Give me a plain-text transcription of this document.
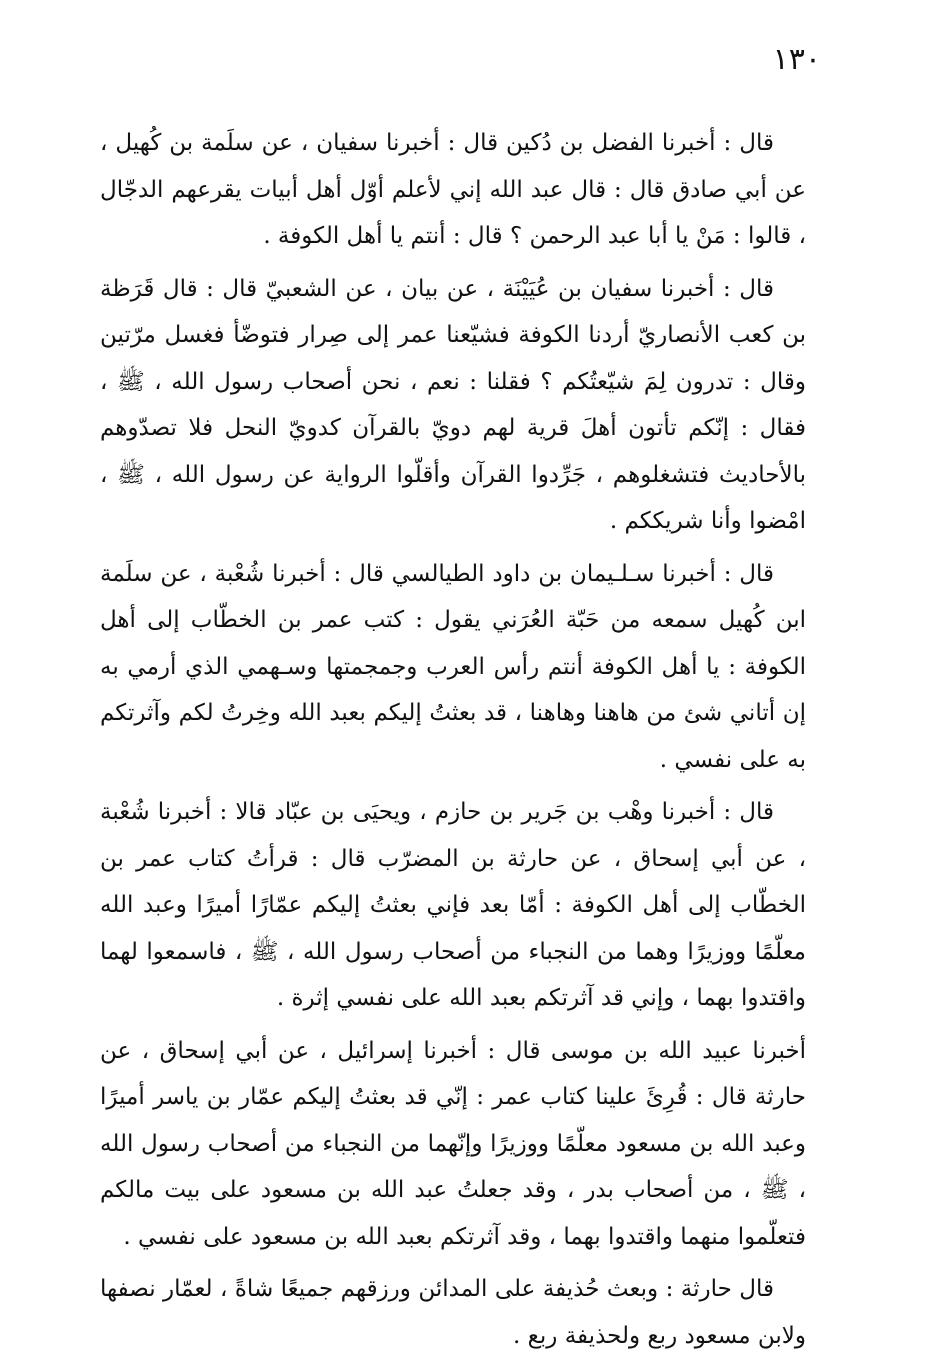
١٣٠

قال : أخبرنا الفضل بن دُكين قال : أخبرنا سفيان ، عن سلَمة بن كُهيل ، عن أبي صادق قال : قال عبد الله إني لأعلم أوّل أهل أبيات يقرعهم الدجّال ، قالوا : مَنْ يا أبا عبد الرحمن ؟ قال : أنتم يا أهل الكوفة .

قال : أخبرنا سفيان بن عُيَيْنَة ، عن بيان ، عن الشعبيّ قال : قال قَرَظة بن كعب الأنصاريّ أردنا الكوفة فشيّعنا عمر إلى صِرار فتوضّأ فغسل مرّتين وقال : تدرون لِمَ شيّعتُكم ؟ فقلنا : نعم ، نحن أصحاب رسول الله ، ﷺ ، فقال : إنّكم تأتون أهلَ قرية لهم دويّ بالقرآن كدويّ النحل فلا تصدّوهم بالأحاديث فتشغلوهم ، جَرِّدوا القرآن وأقلّوا الرواية عن رسول الله ، ﷺ ، امْضوا وأنا شريككم .

قال : أخبرنا سـلـيمان بن داود الطيالسي قال : أخبرنا شُعْبة ، عن سلَمة ابن كُهيل سمعه من حَبّة العُرَني يقول : كتب عمر بن الخطّاب إلى أهل الكوفة : يا أهل الكوفة أنتم رأس العرب وجمجمتها وسـهمي الذي أرمي به إن أتاني شئ من هاهنا وهاهنا ، قد بعثتُ إليكم بعبد الله وخِرتُ لكم وآثرتكم به على نفسي .

قال : أخبرنا وهْب بن جَرير بن حازم ، ويحيَى بن عبّاد قالا : أخبرنا شُعْبة ، عن أبي إسحاق ، عن حارثة بن المضرّب قال : قرأتُ كتاب عمر بن الخطّاب إلى أهل الكوفة : أمّا بعد فإني بعثتُ إليكم عمّارًا أميرًا وعبد الله معلّمًا ووزيرًا وهما من النجباء من أصحاب رسول الله ، ﷺ ، فاسمعوا لهما واقتدوا بهما ، وإني قد آثرتكم بعبد الله على نفسي إثرة .

أخبرنا عبيد الله بن موسى قال : أخبرنا إسرائيل ، عن أبي إسحاق ، عن حارثة قال : قُرِئَ علينا كتاب عمر : إنّي قد بعثتُ إليكم عمّار بن ياسر أميرًا وعبد الله بن مسعود معلّمًا ووزيرًا وإنّهما من النجباء من أصحاب رسول الله ، ﷺ ، من أصحاب بدر ، وقد جعلتُ عبد الله بن مسعود على بيت مالكم فتعلّموا منهما واقتدوا بهما ، وقد آثرتكم بعبد الله بن مسعود على نفسي .

قال حارثة : وبعث حُذيفة على المدائن ورزقهم جميعًا شاةً ، لعمّار نصفها ولابن مسعود ربع ولحذيفة ربع .
